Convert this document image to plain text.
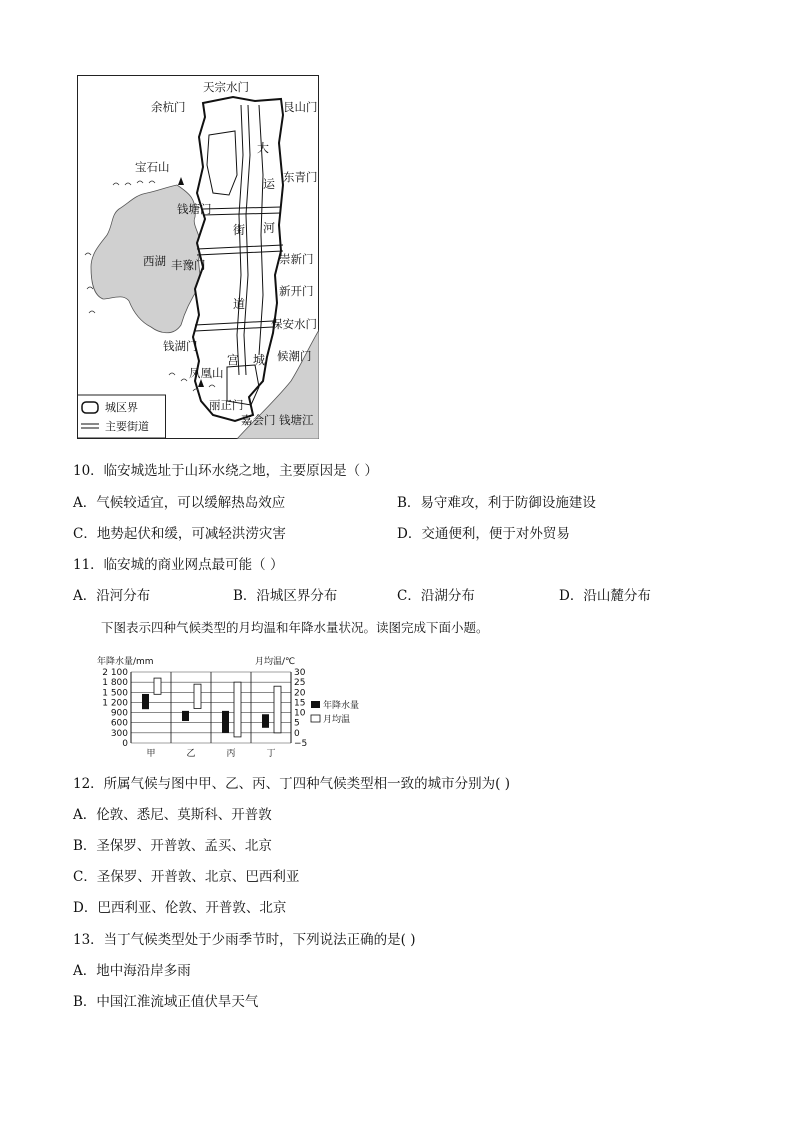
天宗水门
余杭门	艮山门
宝石山
东青门
钱塘门
西湖 丰豫门	崇新门
新开门
保安水门
钱湖门
候潮门
凤凰山
丽正门
嘉会门 钱塘江
大
运
河
街
道
宫 城
城区界
主要街道
10．临安城选址于山环水绕之地，主要原因是（ ）
A．气候较适宜，可以缓解热岛效应	B．易守难攻，利于防御设施建设
C．地势起伏和缓，可减轻洪涝灾害	D．交通便利，便于对外贸易
11．临安城的商业网点最可能（ ）
A．沿河分布	B．沿城区界分布	C．沿湖分布	D．沿山麓分布
下图表示四种气候类型的月均温和年降水量状况。读图完成下面小题。
年降水量/mm	月均温/℃
2 100	30
1 800	25
1 500	20
1 200	15
900	10
600	5
300	0
0	−5
甲	乙	丙	丁
年降水量
月均温
12．所属气候与图中甲、乙、丙、丁四种气候类型相一致的城市分别为( )
A．伦敦、悉尼、莫斯科、开普敦
B．圣保罗、开普敦、孟买、北京
C．圣保罗、开普敦、北京、巴西利亚
D．巴西利亚、伦敦、开普敦、北京
13．当丁气候类型处于少雨季节时，下列说法正确的是( )
A．地中海沿岸多雨
B．中国江淮流域正值伏旱天气
